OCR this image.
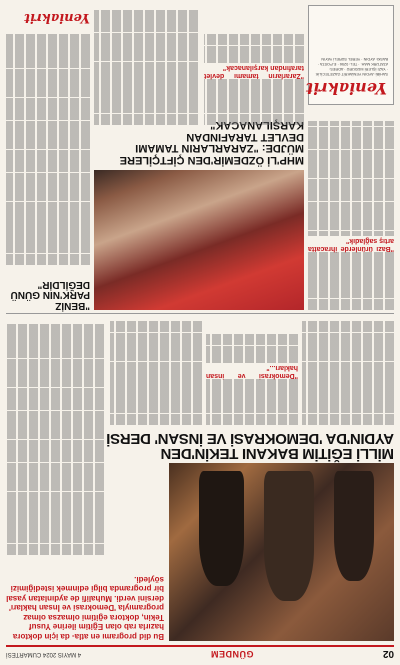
02
GÜNDEM
4 MAYIS 2024 CUMARTESİ
Bu did programı en atla- da için doktora hazırla rab olan Eğitim ilerine Yusuf Tekin, doktora eğitimi olmazsa olmaz programıyla 'Demokrasi ve İnsan hakları' dersini verdi. Muhalifi de aydınlatan yasal bir programda bilgi edinmek istediğimizi söyledi.
MİLLİ EĞİTİM BAKANI TEKİN'DEN
AYDIN'DA 'DEMOKRASİ VE İNSAN' DERSİ
"Demokrasi ve insan hakları..."
"Bazı ürünlerde ihracatta artış sağladık"
MHP'Lİ ÖZDEMİR'DEN ÇİFTÇİLERE MÜJDE: "ZARARLARIN TAMAMI DEVLET TARAFINDAN KARŞILANACAK"
"Zararların tamamı devlet tarafından karşılanacak"
"BENİZ PARK'NIN GÜNÜ DEĞİLDİR"
Yeniakrit
SAHİBİ: AYDIN YENİAKRİT GAZETECİLİK · YAZI İŞLERİ MÜDÜRÜ · ADRES: ATATÜRK MAH. · TEL: 0256 · E-POSTA · BASKI: AYDIN · YEREL SÜRELİ YAYIN
Yeniakrit
